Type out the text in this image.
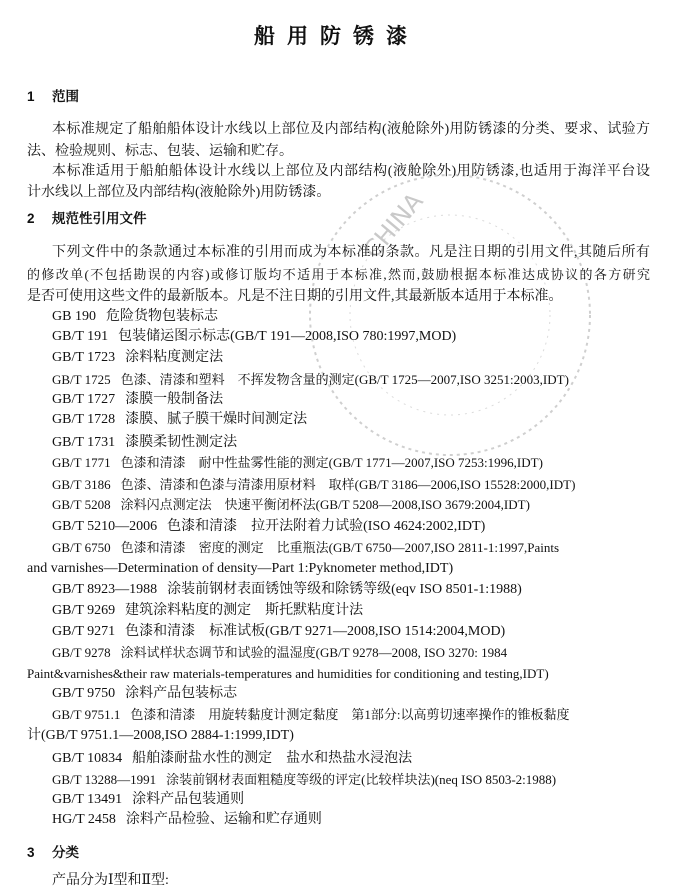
CHINA
船用防锈漆
1 范围
本标准规定了船舶船体设计水线以上部位及内部结构(液舱除外)用防锈漆的分类、要求、试验方
法、检验规则、标志、包装、运输和贮存。
本标准适用于船舶船体设计水线以上部位及内部结构(液舱除外)用防锈漆,也适用于海洋平台设
计水线以上部位及内部结构(液舱除外)用防锈漆。
2 规范性引用文件
下列文件中的条款通过本标准的引用而成为本标准的条款。凡是注日期的引用文件,其随后所有
的修改单(不包括勘误的内容)或修订版均不适用于本标准,然而,鼓励根据本标准达成协议的各方研究
是否可使用这些文件的最新版本。凡是不注日期的引用文件,其最新版本适用于本标准。
GB 190 危险货物包装标志
GB/T 191 包装储运图示标志(GB/T 191—2008,ISO 780:1997,MOD)
GB/T 1723 涂料粘度测定法
GB/T 1725 色漆、清漆和塑料　不挥发物含量的测定(GB/T 1725—2007,ISO 3251:2003,IDT)
GB/T 1727 漆膜一般制备法
GB/T 1728 漆膜、腻子膜干燥时间测定法
GB/T 1731 漆膜柔韧性测定法
GB/T 1771 色漆和清漆　耐中性盐雾性能的测定(GB/T 1771—2007,ISO 7253:1996,IDT)
GB/T 3186 色漆、清漆和色漆与清漆用原材料　取样(GB/T 3186—2006,ISO 15528:2000,IDT)
GB/T 5208 涂料闪点测定法　快速平衡闭杯法(GB/T 5208—2008,ISO 3679:2004,IDT)
GB/T 5210—2006 色漆和清漆　拉开法附着力试验(ISO 4624:2002,IDT)
GB/T 6750 色漆和清漆　密度的测定　比重瓶法(GB/T 6750—2007,ISO 2811-1:1997,Paints
and varnishes—Determination of density—Part 1:Pyknometer method,IDT)
GB/T 8923—1988 涂装前钢材表面锈蚀等级和除锈等级(eqv ISO 8501-1:1988)
GB/T 9269 建筑涂料粘度的测定　斯托默粘度计法
GB/T 9271 色漆和清漆　标准试板(GB/T 9271—2008,ISO 1514:2004,MOD)
GB/T 9278 涂料试样状态调节和试验的温湿度(GB/T 9278—2008, ISO 3270: 1984
Paint&varnishes&their raw materials-temperatures and humidities for conditioning and testing,IDT)
GB/T 9750 涂料产品包装标志
GB/T 9751.1 色漆和清漆　用旋转黏度计测定黏度　第1部分:以高剪切速率操作的锥板黏度
计(GB/T 9751.1—2008,ISO 2884-1:1999,IDT)
GB/T 10834 船舶漆耐盐水性的测定　盐水和热盐水浸泡法
GB/T 13288—1991 涂装前钢材表面粗糙度等级的评定(比较样块法)(neq ISO 8503-2:1988)
GB/T 13491 涂料产品包装通则
HG/T 2458 涂料产品检验、运输和贮存通则
3 分类
产品分为Ⅰ型和Ⅱ型:
